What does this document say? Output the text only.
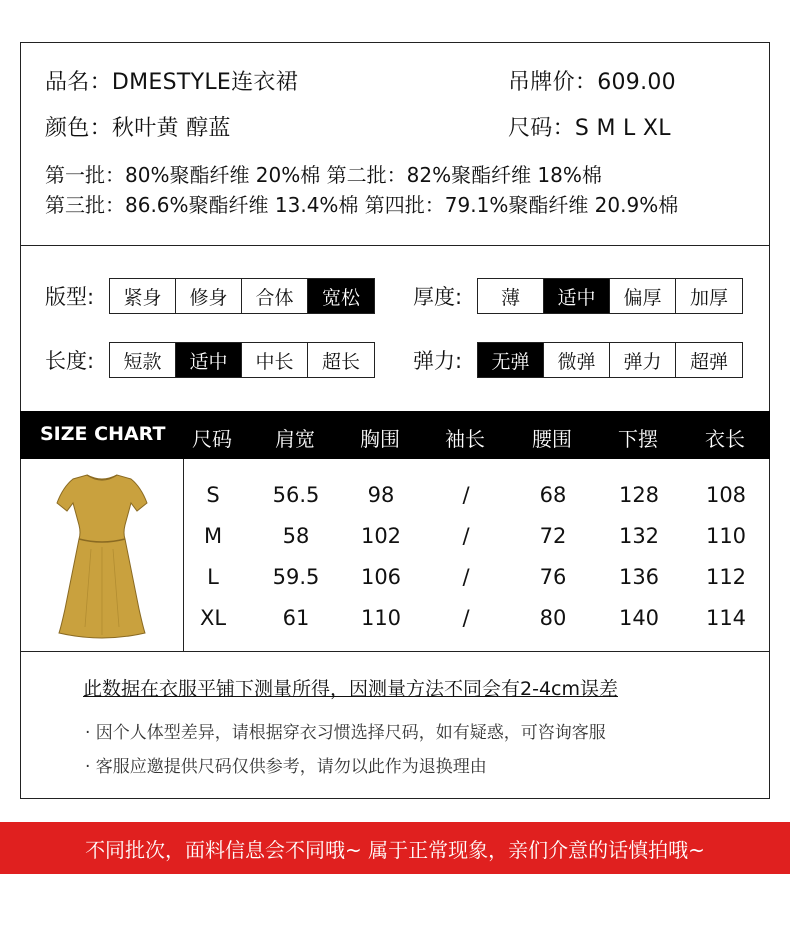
品名：DMESTYLE连衣裙	吊牌价：609.00
颜色：秋叶黄 醇蓝	尺码：S M L XL
第一批：80%聚酯纤维 20%棉 第二批：82%聚酯纤维 18%棉
第三批：86.6%聚酯纤维 13.4%棉 第四批：79.1%聚酯纤维 20.9%棉
版型:	紧身	修身	合体	宽松	厚度:	薄	适中	偏厚	加厚
长度:	短款	适中	中长	超长	弹力:	无弹	微弹	弹力	超弹
SIZE CHART	尺码	肩宽	胸围	袖长	腰围	下摆	衣长
S	56.5	98	/	68	128	108
M	58	102	/	72	132	110
L	59.5	106	/	76	136	112
XL	61	110	/	80	140	114
此数据在衣服平铺下测量所得，因测量方法不同会有2-4cm误差
· 因个人体型差异，请根据穿衣习惯选择尺码，如有疑惑，可咨询客服
· 客服应邀提供尺码仅供参考，请勿以此作为退换理由
不同批次，面料信息会不同哦~ 属于正常现象，亲们介意的话慎拍哦~
